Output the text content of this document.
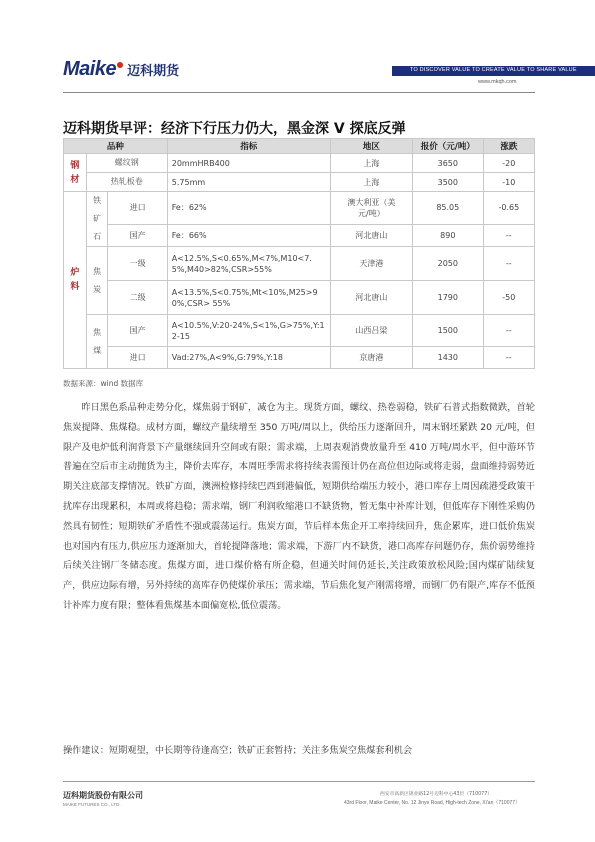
Maike 迈科期货	TO DISCOVER VALUE TO CREATE VALUE TO SHARE VALUE
www.mkqh.com
迈科期货早评：经济下行压力仍大，黑金深 V 探底反弹
品种			指标	地区	报价（元/吨）	涨跌
钢材	螺纹钢		20mmHRB400	上海	3650	-20
	热轧板卷		5.75mm	上海	3500	-10
炉料	铁矿石	进口	Fe：62%	澳大利亚（美元/吨）	85.05	-0.65
		国产	Fe：66%	河北唐山	890	--
	焦炭	一级	A<12.5%,S<0.65%,M<7%,M10<7.5%,M40>82%,CSR>55%	天津港	2050	--
		二级	A<13.5%,S<0.75%,Mt<10%,M25>90%,CSR> 55%	河北唐山	1790	-50
	焦煤	国产	A<10.5%,V:20-24%,S<1%,G>75%,Y:12-15	山西吕梁	1500	--
		进口	Vad:27%,A<9%,G:79%,Y:18	京唐港	1430	--
数据来源：wind 数据库

昨日黑色系品种走势分化，煤焦弱于钢矿，减仓为主。现货方面，螺纹、热卷弱稳，铁矿石普式指数微跌，首轮焦炭提降、焦煤稳。成材方面，螺纹产量续增至 350 万吨/周以上，供给压力逐渐回升，周末钢坯紧跌 20 元/吨，但限产及电炉低利润背景下产量继续回升空间或有限；需求端，上周表观消费放量升至 410 万吨/周水平，但中游环节普遍在空后市主动抛货为主，降价去库存，本周旺季需求将持续表需预计仍在高位但边际或将走弱，盘面维持弱势近期关注底部支撑情况。铁矿方面，澳洲检修持续巴西到港偏低，短期供给端压力较小，港口库存上周因疏港受政策干扰库存出现累积，本周或将趋稳；需求端，钢厂利润收缩港口不缺货物，暂无集中补库计划，但低库存下刚性采购仍然具有韧性；短期铁矿矛盾性不强或震荡运行。焦炭方面，节后样本焦企开工率持续回升，焦企累库，进口低价焦炭也对国内有压力,供应压力逐渐加大，首轮提降落地；需求端，下游厂内不缺货，港口高库存问题仍存，焦价弱势维持后续关注钢厂冬储态度。焦煤方面，进口煤价格有所企稳，但通关时间仍延长,关注政策放松风险;国内煤矿陆续复产，供应边际有增，另外持续的高库存仍使煤价承压；需求端，节后焦化复产刚需将增，而钢厂仍有限产,库存不低预计补库力度有限；整体看焦煤基本面偏宽松,低位震荡。

操作建议：短期观望，中长期等待逢高空；铁矿正套暂持；关注多焦炭空焦煤套利机会
迈科期货股份有限公司
MAIKE FUTURES CO., LTD.
西安市高新区锦业路12号迈科中心43层（710077）
43rd Floor, Maike Center, No. 12 Jinye Road, High-tech Zone, Xi'an（710077）
